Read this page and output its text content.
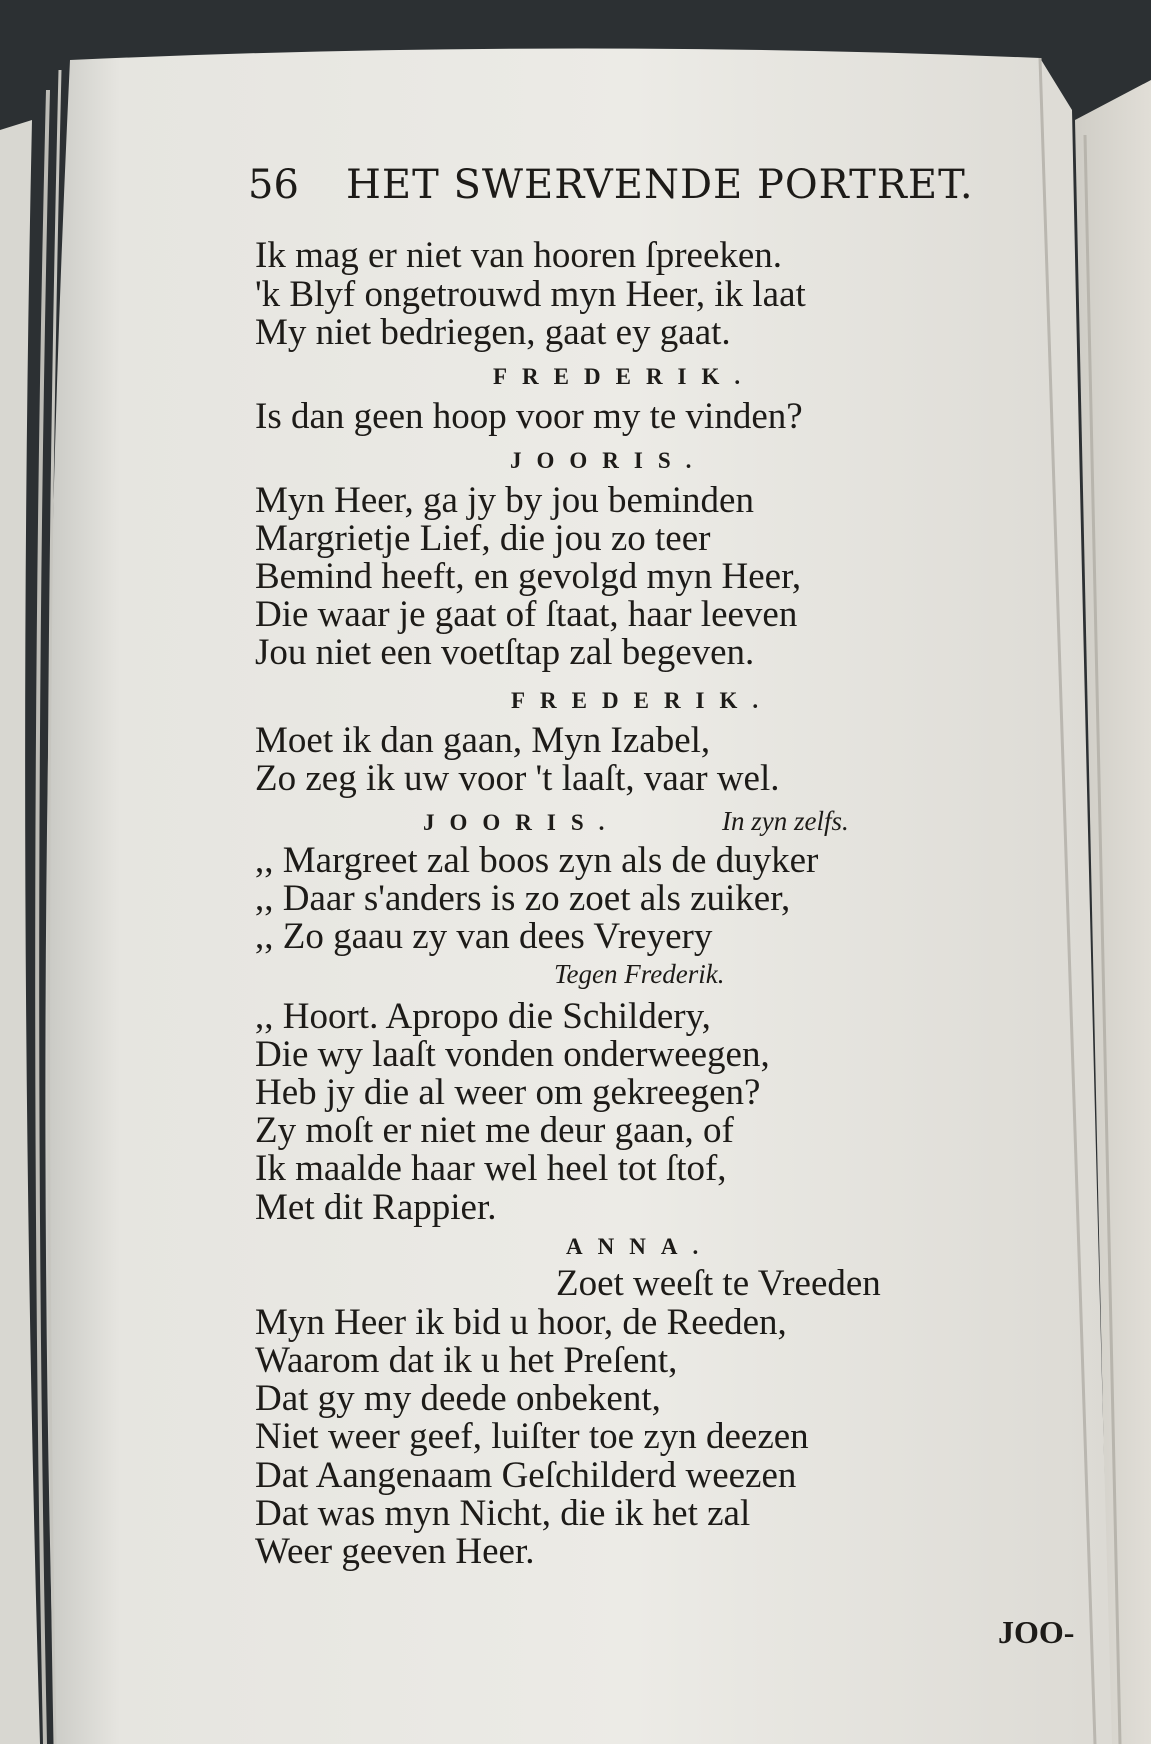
56 HET SWERVENDE PORTRET.
Ik mag er niet van hooren ſpreeken.
'k Blyf ongetrouwd myn Heer, ik laat
My niet bedriegen, gaat ey gaat.
FREDERIK.
Is dan geen hoop voor my te vinden?
JOORIS.
Myn Heer, ga jy by jou beminden
Margrietje Lief, die jou zo teer
Bemind heeft, en gevolgd myn Heer,
Die waar je gaat of ſtaat, haar leeven
Jou niet een voetſtap zal begeven.
FREDERIK.
Moet ik dan gaan, Myn Izabel,
Zo zeg ik uw voor 't laaſt, vaar wel.
JOORIS.	In zyn zelfs.
,, Margreet zal boos zyn als de duyker
,, Daar s'anders is zo zoet als zuiker,
,, Zo gaau zy van dees Vreyery
Tegen Frederik.
,, Hoort. Apropo die Schildery,
Die wy laaſt vonden onderweegen,
Heb jy die al weer om gekreegen?
Zy moſt er niet me deur gaan, of
Ik maalde haar wel heel tot ſtof,
Met dit Rappier.
ANNA.
Zoet weeſt te Vreeden
Myn Heer ik bid u hoor, de Reeden,
Waarom dat ik u het Preſent,
Dat gy my deede onbekent,
Niet weer geef, luiſter toe zyn deezen
Dat Aangenaam Geſchilderd weezen
Dat was myn Nicht, die ik het zal
Weer geeven Heer.
JOO-
